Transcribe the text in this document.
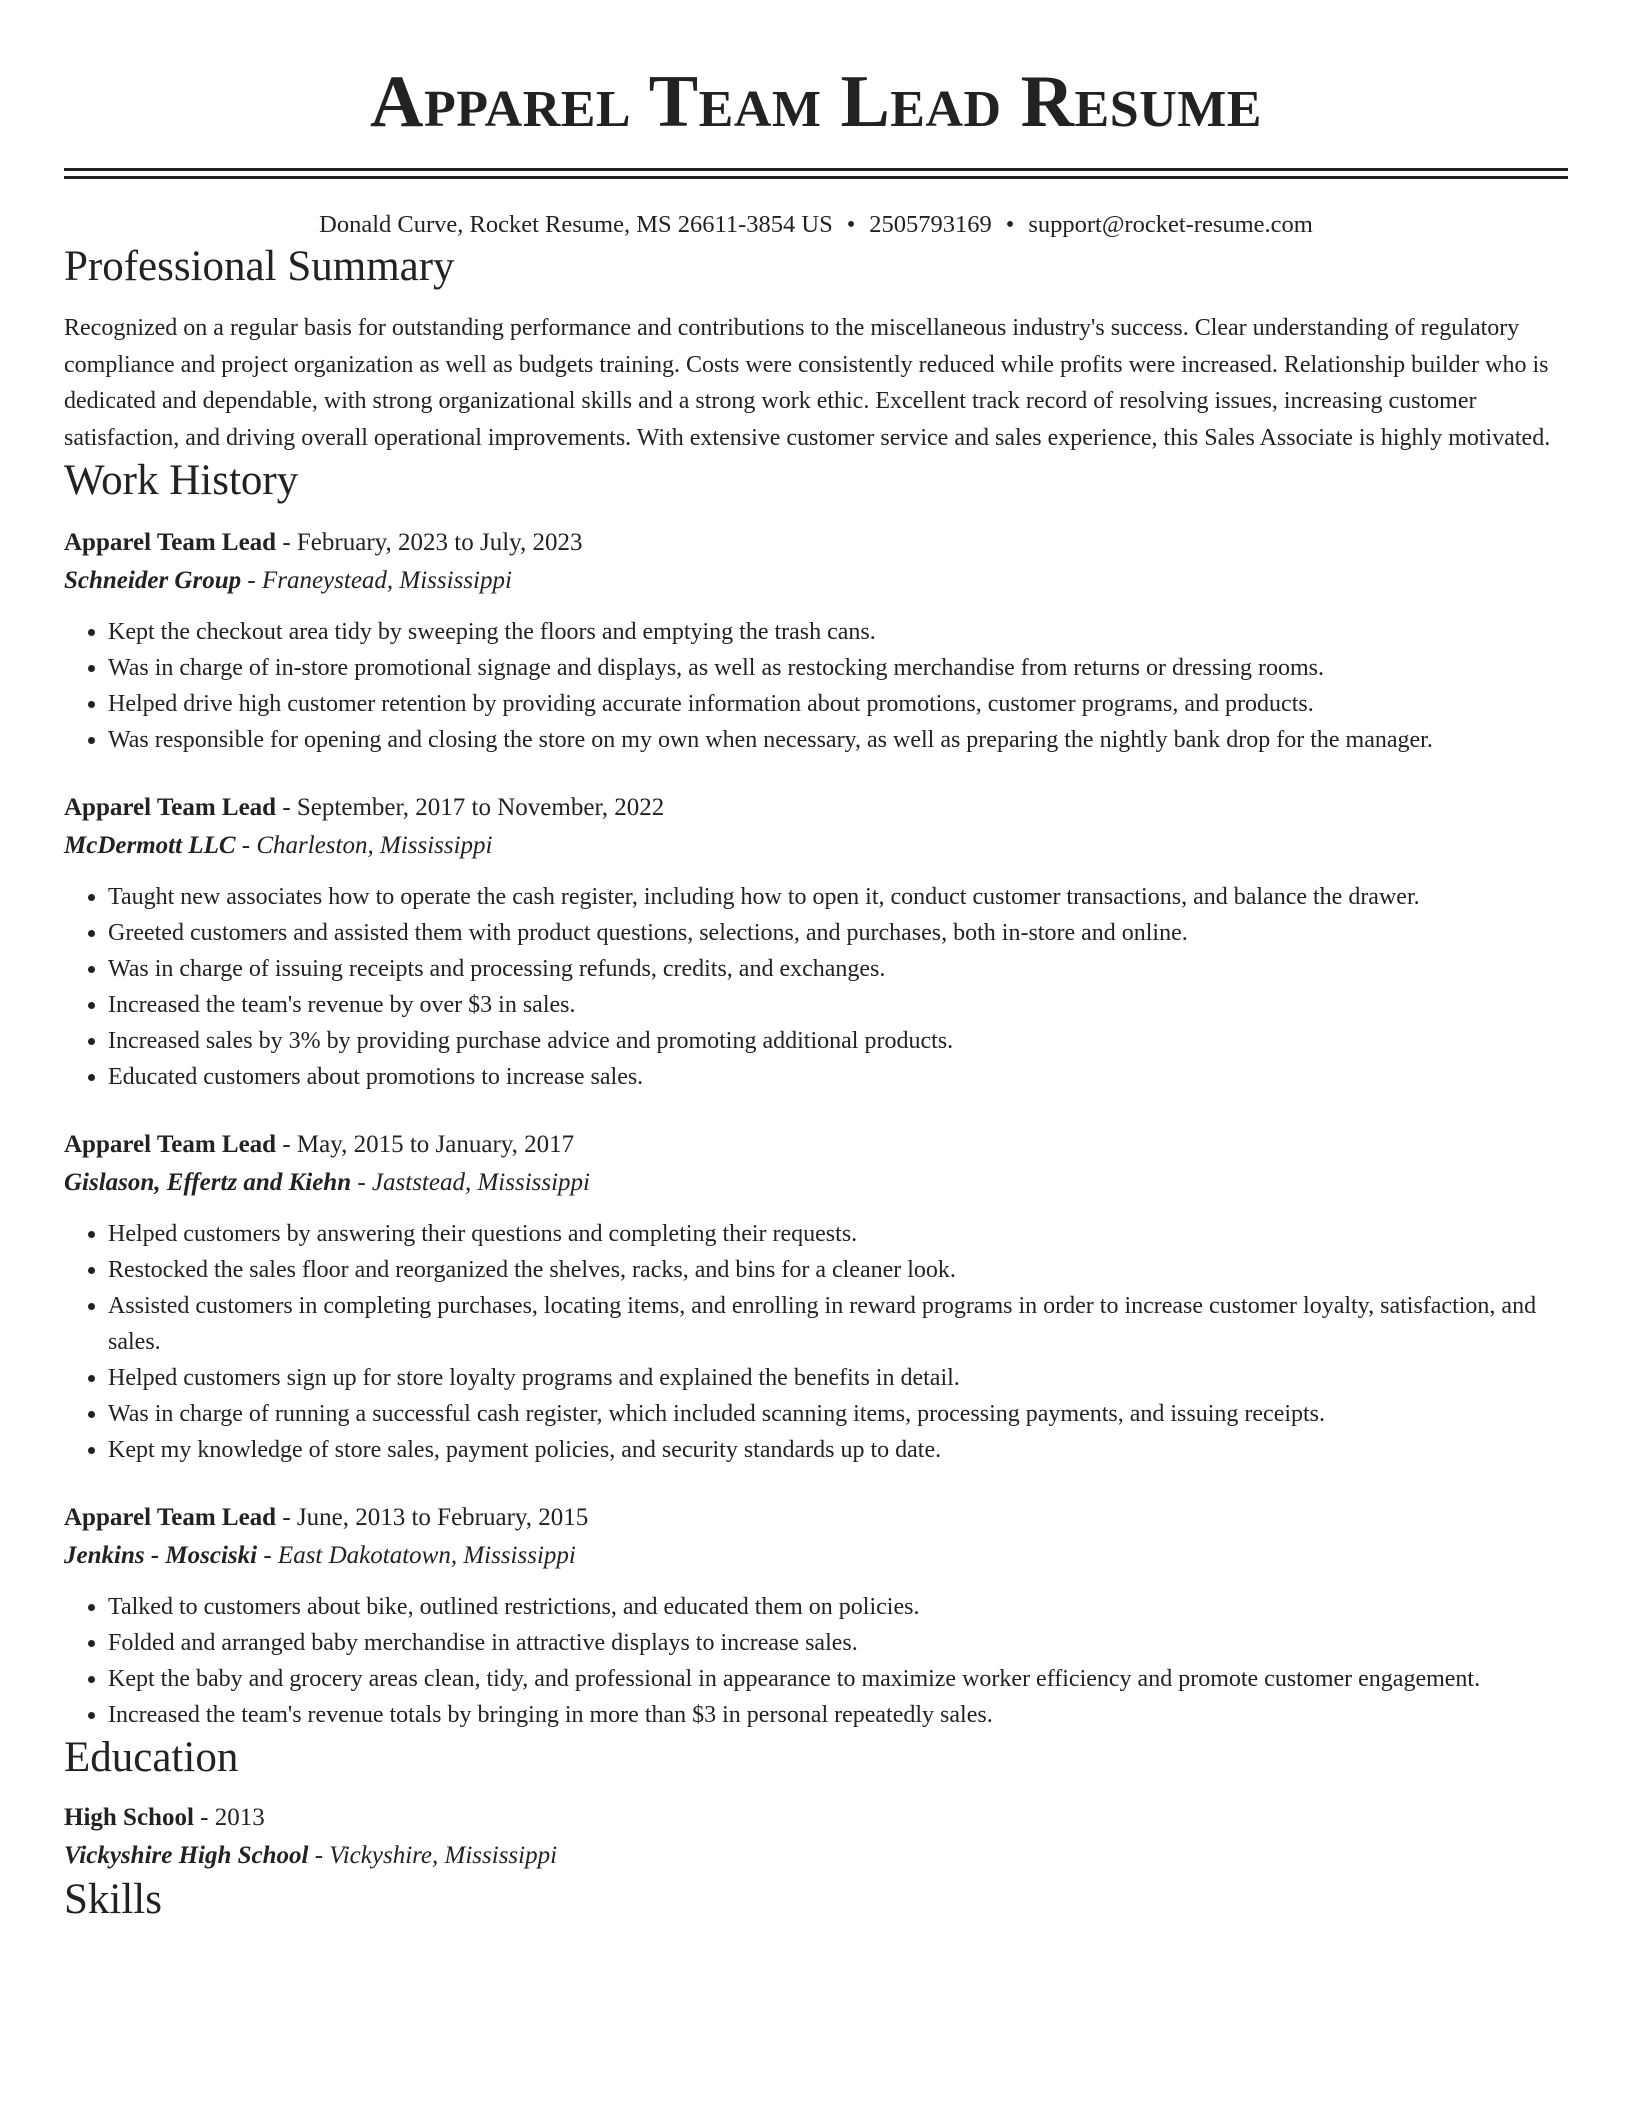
Apparel Team Lead Resume
Donald Curve, Rocket Resume, MS 26611-3854 US • 2505793169 • support@rocket-resume.com
Professional Summary
Recognized on a regular basis for outstanding performance and contributions to the miscellaneous industry's success. Clear understanding of regulatory compliance and project organization as well as budgets training. Costs were consistently reduced while profits were increased. Relationship builder who is dedicated and dependable, with strong organizational skills and a strong work ethic. Excellent track record of resolving issues, increasing customer satisfaction, and driving overall operational improvements. With extensive customer service and sales experience, this Sales Associate is highly motivated.
Work History
Apparel Team Lead - February, 2023 to July, 2023
Schneider Group - Franeystead, Mississippi
• Kept the checkout area tidy by sweeping the floors and emptying the trash cans.
• Was in charge of in-store promotional signage and displays, as well as restocking merchandise from returns or dressing rooms.
• Helped drive high customer retention by providing accurate information about promotions, customer programs, and products.
• Was responsible for opening and closing the store on my own when necessary, as well as preparing the nightly bank drop for the manager.
Apparel Team Lead - September, 2017 to November, 2022
McDermott LLC - Charleston, Mississippi
• Taught new associates how to operate the cash register, including how to open it, conduct customer transactions, and balance the drawer.
• Greeted customers and assisted them with product questions, selections, and purchases, both in-store and online.
• Was in charge of issuing receipts and processing refunds, credits, and exchanges.
• Increased the team's revenue by over $3 in sales.
• Increased sales by 3% by providing purchase advice and promoting additional products.
• Educated customers about promotions to increase sales.
Apparel Team Lead - May, 2015 to January, 2017
Gislason, Effertz and Kiehn - Jaststead, Mississippi
• Helped customers by answering their questions and completing their requests.
• Restocked the sales floor and reorganized the shelves, racks, and bins for a cleaner look.
• Assisted customers in completing purchases, locating items, and enrolling in reward programs in order to increase customer loyalty, satisfaction, and sales.
• Helped customers sign up for store loyalty programs and explained the benefits in detail.
• Was in charge of running a successful cash register, which included scanning items, processing payments, and issuing receipts.
• Kept my knowledge of store sales, payment policies, and security standards up to date.
Apparel Team Lead - June, 2013 to February, 2015
Jenkins - Mosciski - East Dakotatown, Mississippi
• Talked to customers about bike, outlined restrictions, and educated them on policies.
• Folded and arranged baby merchandise in attractive displays to increase sales.
• Kept the baby and grocery areas clean, tidy, and professional in appearance to maximize worker efficiency and promote customer engagement.
• Increased the team's revenue totals by bringing in more than $3 in personal repeatedly sales.
Education
High School - 2013
Vickyshire High School - Vickyshire, Mississippi
Skills
